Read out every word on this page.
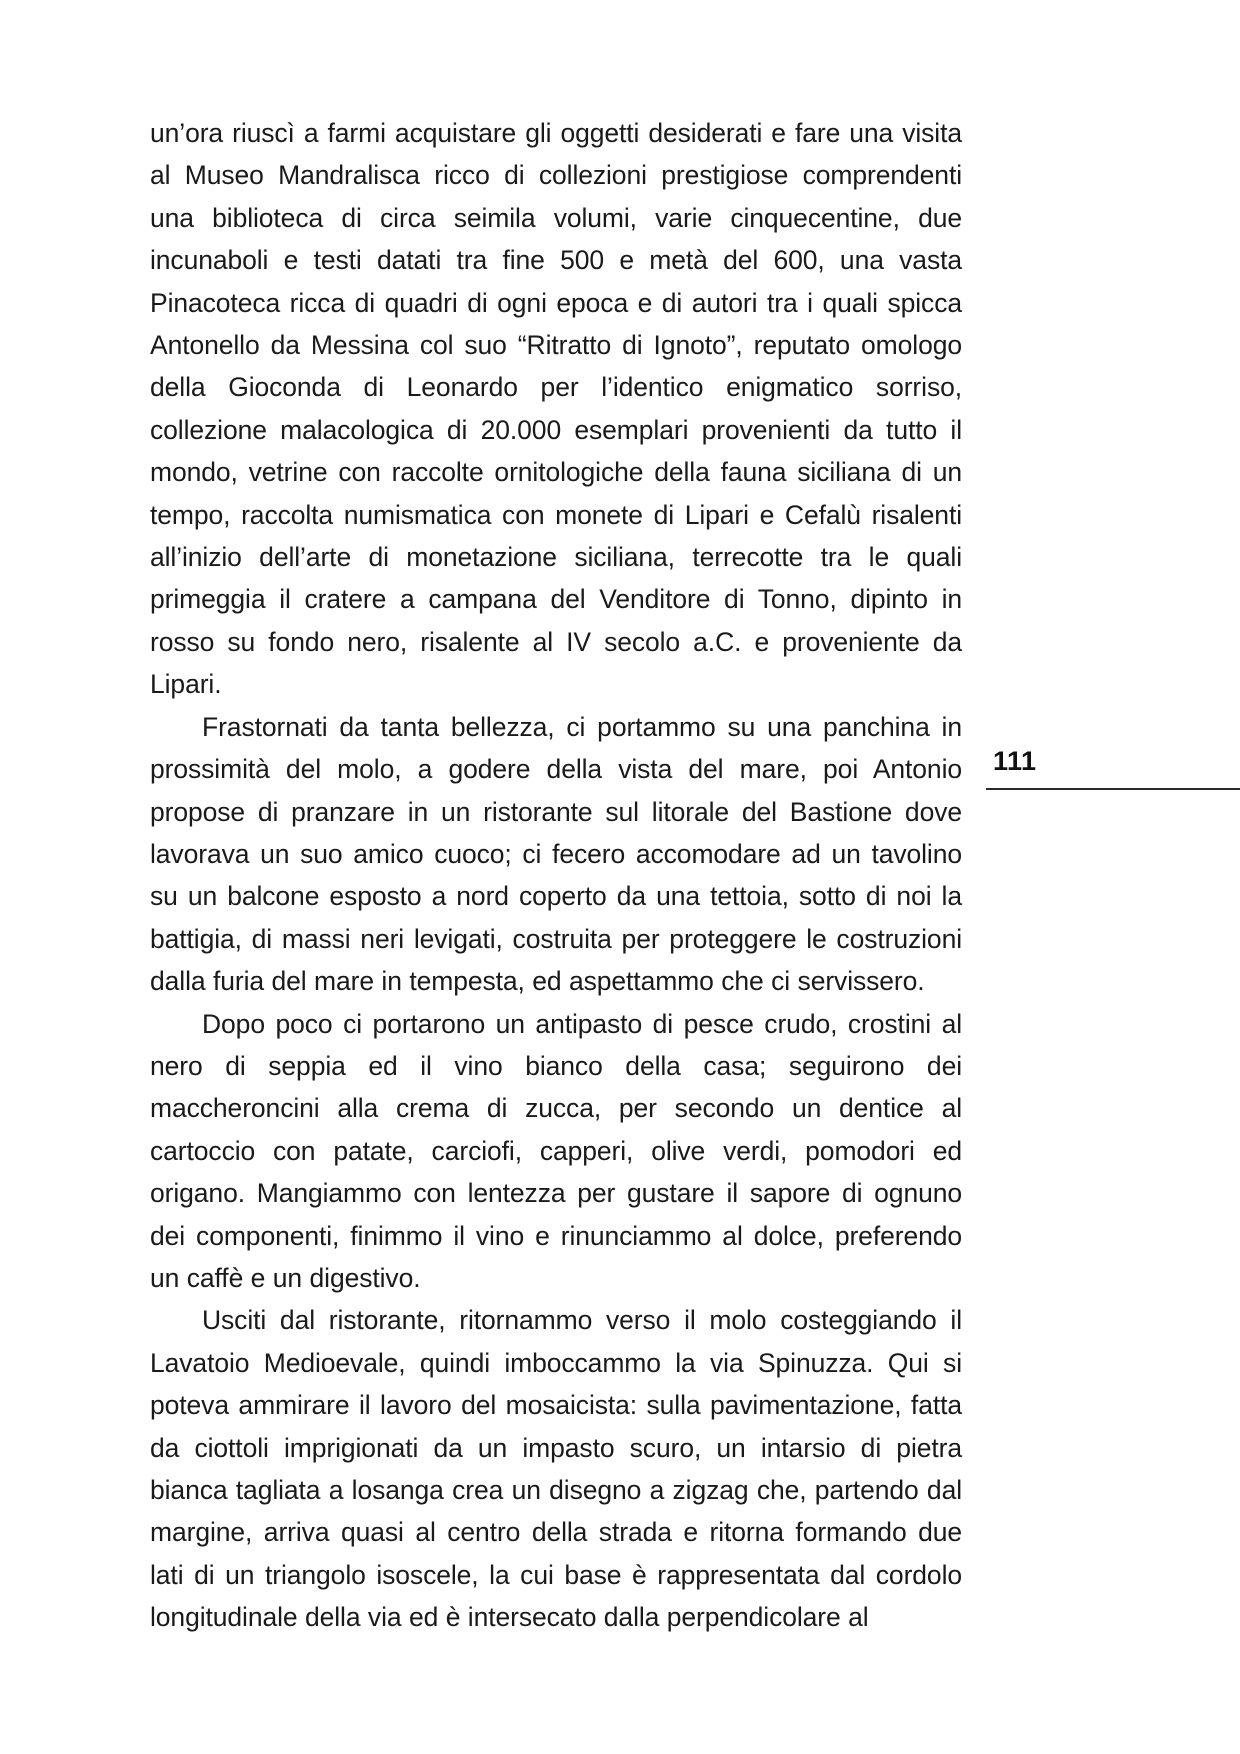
un’ora riuscì a farmi acquistare gli oggetti desiderati e fare una visita al Museo Mandralisca ricco di collezioni prestigiose comprendenti una biblioteca di circa seimila volumi, varie cinquecentine, due incunaboli e testi datati tra fine 500 e metà del 600, una vasta Pinacoteca ricca di quadri di ogni epoca e di autori tra i quali spicca Antonello da Messina col suo “Ritratto di Ignoto”, reputato omologo della Gioconda di Leonardo per l’identico enigmatico sorriso, collezione malacologica di 20.000 esemplari provenienti da tutto il mondo, vetrine con raccolte ornitologiche della fauna siciliana di un tempo, raccolta numismatica con monete di Lipari e Cefalù risalenti all’inizio dell’arte di monetazione siciliana, terrecotte tra le quali primeggia il cratere a campana del Venditore di Tonno, dipinto in rosso su fondo nero, risalente al IV secolo a.C. e proveniente da Lipari.

Frastornati da tanta bellezza, ci portammo su una panchina in prossimità del molo, a godere della vista del mare, poi Antonio propose di pranzare in un ristorante sul litorale del Bastione dove lavorava un suo amico cuoco; ci fecero accomodare ad un tavolino su un balcone esposto a nord coperto da una tettoia, sotto di noi la battigia, di massi neri levigati, costruita per proteggere le costruzioni dalla furia del mare in tempesta, ed aspettammo che ci servissero.

Dopo poco ci portarono un antipasto di pesce crudo, crostini al nero di seppia ed il vino bianco della casa; seguirono dei maccheroncini alla crema di zucca, per secondo un dentice al cartoccio con patate, carciofi, capperi, olive verdi, pomodori ed origano. Mangiammo con lentezza per gustare il sapore di ognuno dei componenti, finimmo il vino e rinunciammo al dolce, preferendo un caffè e un digestivo.

Usciti dal ristorante, ritornammo verso il molo costeggiando il Lavatoio Medioevale, quindi imboccammo la via Spinuzza. Qui si poteva ammirare il lavoro del mosaicista: sulla pavimentazione, fatta da ciottoli imprigionati da un impasto scuro, un intarsio di pietra bianca tagliata a losanga crea un disegno a zigzag che, partendo dal margine, arriva quasi al centro della strada e ritorna formando due lati di un triangolo isoscele, la cui base è rappresentata dal cordolo longitudinale della via ed è intersecato dalla perpendicolare al

111
